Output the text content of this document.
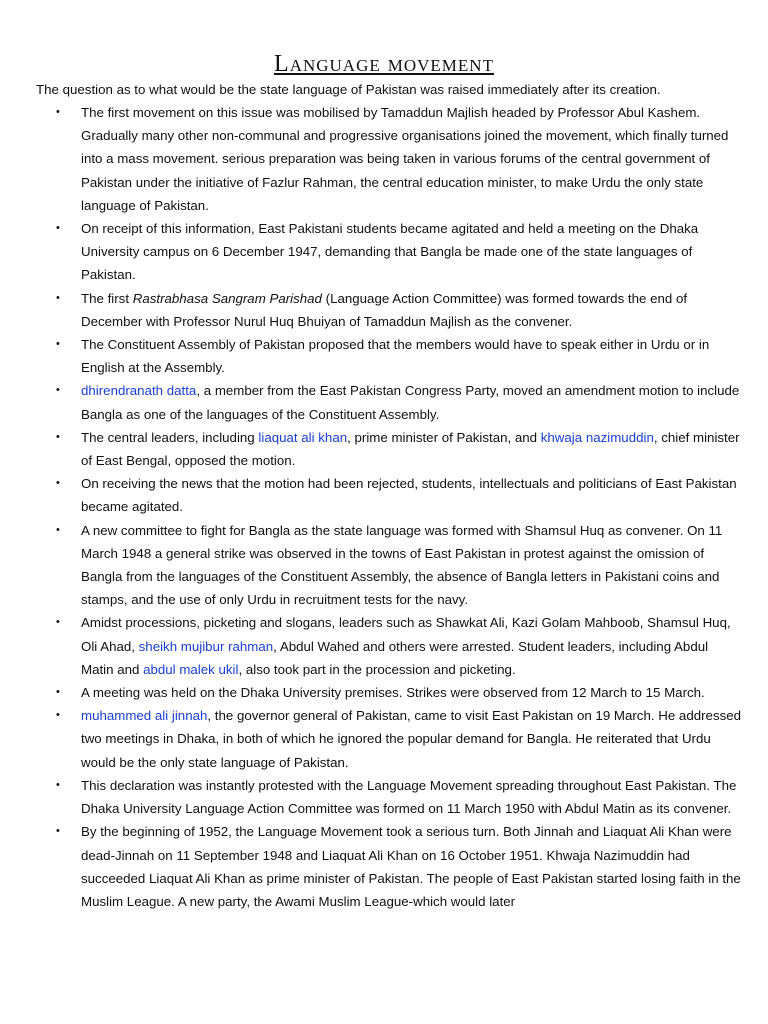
Language movement

The question as to what would be the state language of Pakistan was raised immediately after its creation.

• The first movement on this issue was mobilised by Tamaddun Majlish headed by Professor Abul Kashem. Gradually many other non-communal and progressive organisations joined the movement, which finally turned into a mass movement. serious preparation was being taken in various forums of the central government of Pakistan under the initiative of Fazlur Rahman, the central education minister, to make Urdu the only state language of Pakistan.
• On receipt of this information, East Pakistani students became agitated and held a meeting on the Dhaka University campus on 6 December 1947, demanding that Bangla be made one of the state languages of Pakistan.
• The first Rastrabhasa Sangram Parishad (Language Action Committee) was formed towards the end of December with Professor Nurul Huq Bhuiyan of Tamaddun Majlish as the convener.
• The Constituent Assembly of Pakistan proposed that the members would have to speak either in Urdu or in English at the Assembly.
• dhirendranath datta, a member from the East Pakistan Congress Party, moved an amendment motion to include Bangla as one of the languages of the Constituent Assembly.
• The central leaders, including liaquat ali khan, prime minister of Pakistan, and khwaja nazimuddin, chief minister of East Bengal, opposed the motion.
• On receiving the news that the motion had been rejected, students, intellectuals and politicians of East Pakistan became agitated.
• A new committee to fight for Bangla as the state language was formed with Shamsul Huq as convener. On 11 March 1948 a general strike was observed in the towns of East Pakistan in protest against the omission of Bangla from the languages of the Constituent Assembly, the absence of Bangla letters in Pakistani coins and stamps, and the use of only Urdu in recruitment tests for the navy.
• Amidst processions, picketing and slogans, leaders such as Shawkat Ali, Kazi Golam Mahboob, Shamsul Huq, Oli Ahad, sheikh mujibur rahman, Abdul Wahed and others were arrested. Student leaders, including Abdul Matin and abdul malek ukil, also took part in the procession and picketing.
• A meeting was held on the Dhaka University premises. Strikes were observed from 12 March to 15 March.
• muhammed ali jinnah, the governor general of Pakistan, came to visit East Pakistan on 19 March. He addressed two meetings in Dhaka, in both of which he ignored the popular demand for Bangla. He reiterated that Urdu would be the only state language of Pakistan.
• This declaration was instantly protested with the Language Movement spreading throughout East Pakistan. The Dhaka University Language Action Committee was formed on 11 March 1950 with Abdul Matin as its convener.
• By the beginning of 1952, the Language Movement took a serious turn. Both Jinnah and Liaquat Ali Khan were dead-Jinnah on 11 September 1948 and Liaquat Ali Khan on 16 October 1951. Khwaja Nazimuddin had succeeded Liaquat Ali Khan as prime minister of Pakistan. The people of East Pakistan started losing faith in the Muslim League. A new party, the Awami Muslim League-which would later
